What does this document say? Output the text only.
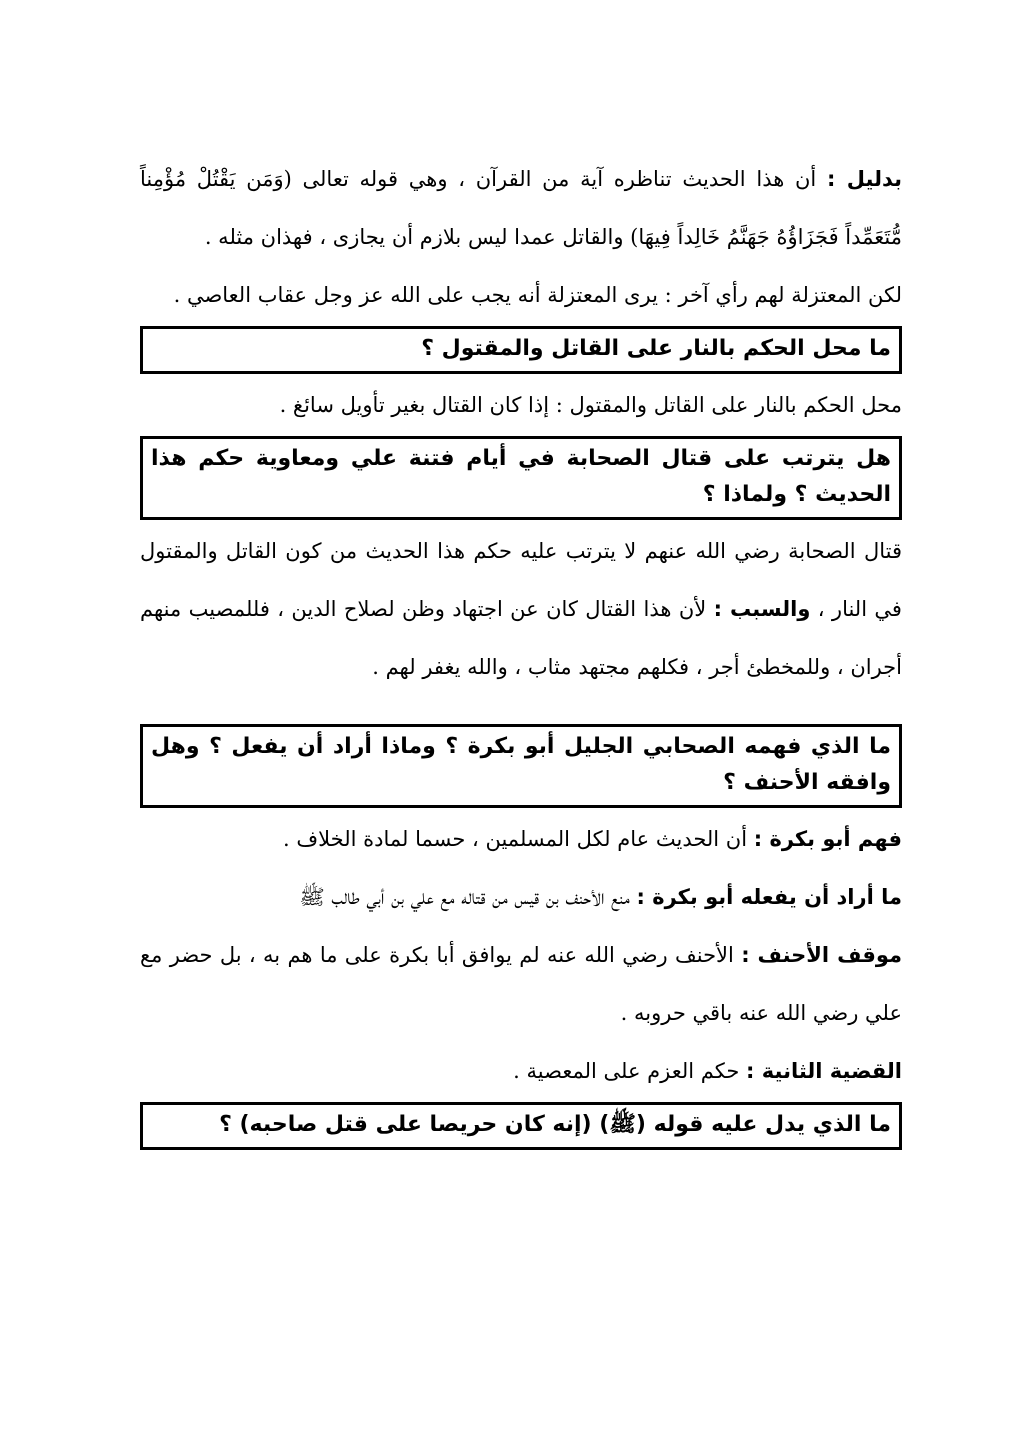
بدليل : أن هذا الحديث تناظره آية من القرآن ، وهي قوله تعالى (وَمَن يَقْتُلْ مُؤْمِناً مُّتَعَمِّداً فَجَزَاؤُهُ جَهَنَّمُ خَالِداً فِيهَا) والقاتل عمدا ليس بلازم أن يجازى ، فهذان مثله .
لكن المعتزلة لهم رأي آخر : يرى المعتزلة أنه يجب على الله عز وجل عقاب العاصي .
ما محل الحكم بالنار على القاتل والمقتول ؟
محل الحكم بالنار على القاتل والمقتول : إذا كان القتال بغير تأويل سائغ .
هل يترتب على قتال الصحابة في أيام فتنة علي ومعاوية حكم هذا الحديث ؟ ولماذا ؟
قتال الصحابة رضي الله عنهم لا يترتب عليه حكم هذا الحديث من كون القاتل والمقتول في النار ، والسبب : لأن هذا القتال كان عن اجتهاد وظن لصلاح الدين ، فللمصيب منهم أجران ، وللمخطئ أجر ، فكلهم مجتهد مثاب ، والله يغفر لهم .
ما الذي فهمه الصحابي الجليل أبو بكرة ؟ وماذا أراد أن يفعل ؟ وهل وافقه الأحنف ؟
فهم أبو بكرة : أن الحديث عام لكل المسلمين ، حسما لمادة الخلاف .
ما أراد أن يفعله أبو بكرة : منع الأحنف بن قيس من قتاله مع علي بن أبي طالب ﷺ
موقف الأحنف : الأحنف رضي الله عنه لم يوافق أبا بكرة على ما هم به ، بل حضر مع علي رضي الله عنه باقي حروبه .
القضية الثانية : حكم العزم على المعصية .
ما الذي يدل عليه قوله (ﷺ) (إنه كان حريصا على قتل صاحبه) ؟
